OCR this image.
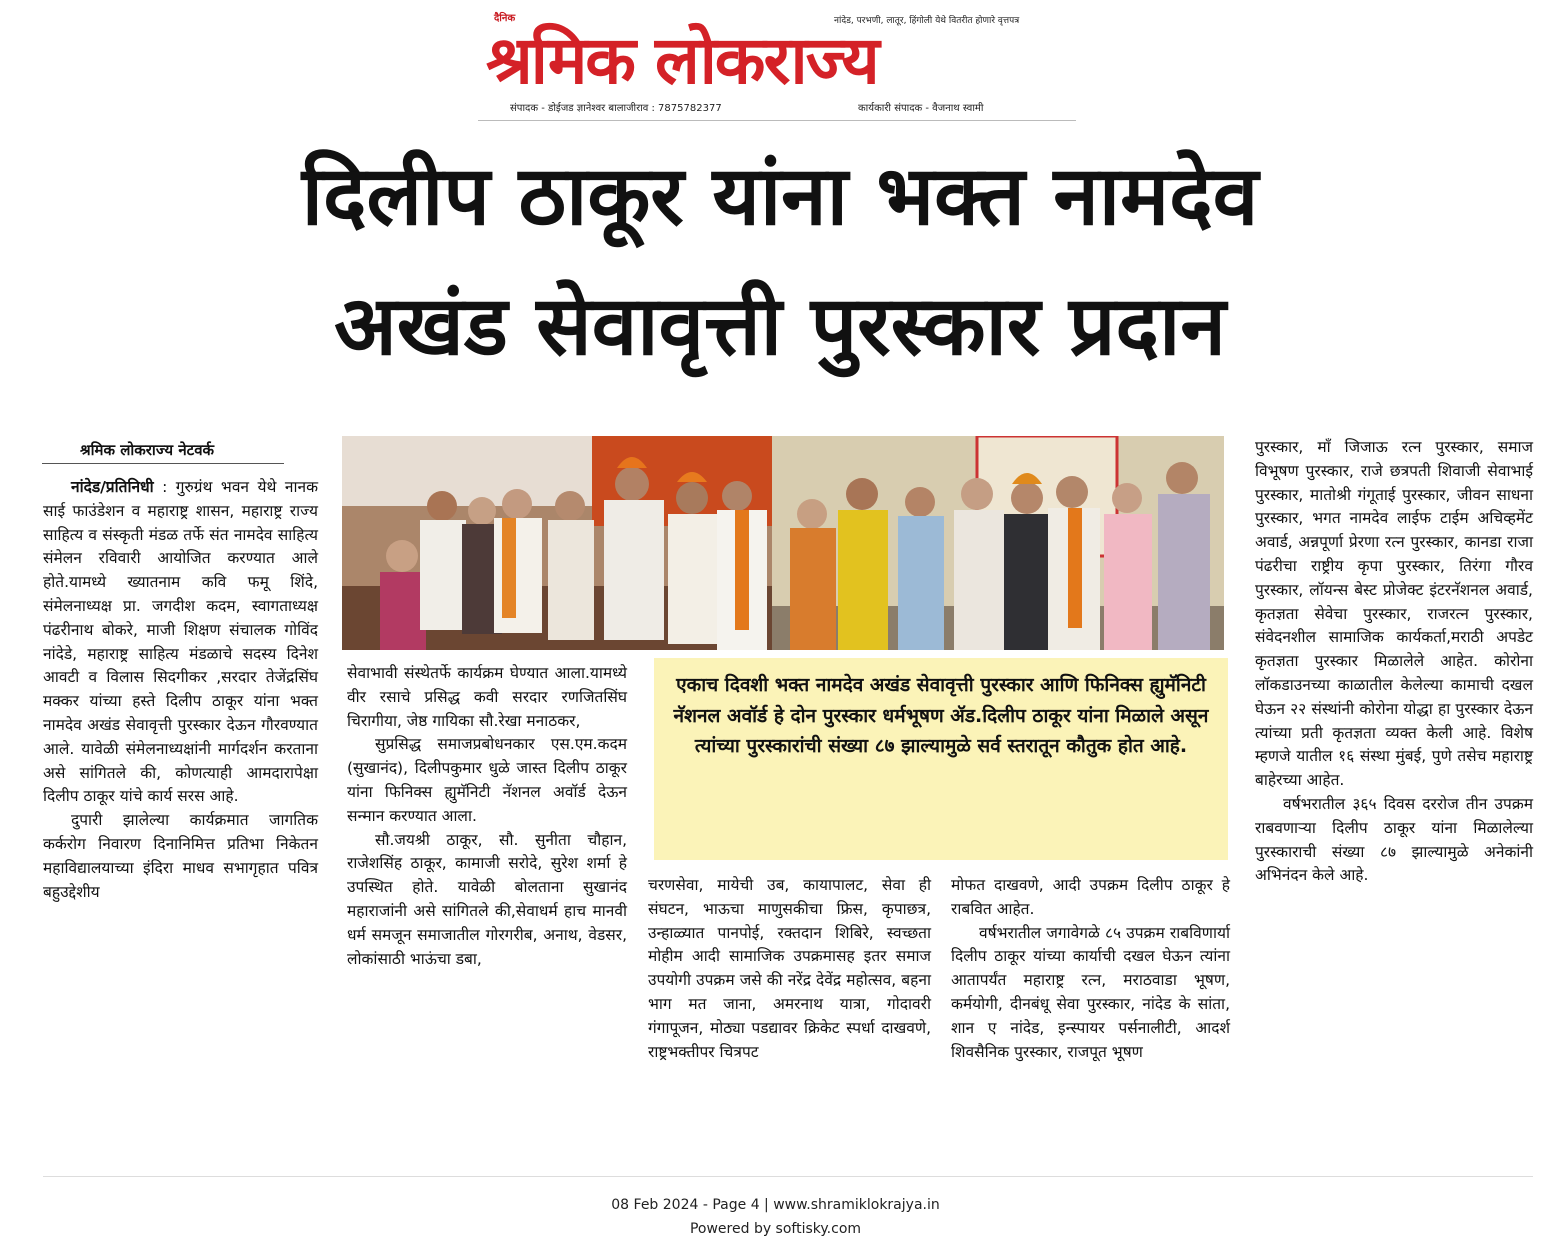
दैनिक
श्रमिक लोकराज्य
नांदेड, परभणी, लातूर, हिंगोली येथे वितरीत होणारे वृत्तपत्र
संपादक - डोईजड ज्ञानेश्वर बालाजीराव : 7875782377	कार्यकारी संपादक - वैजनाथ स्वामी
दिलीप ठाकूर यांना भक्त नामदेव
अखंड सेवावृत्ती पुरस्कार प्रदान
श्रमिक लोकराज्य नेटवर्क

नांदेड/प्रतिनिधी : गुरुग्रंथ भवन येथे नानक साई फाउंडेशन व महाराष्ट्र शासन, महाराष्ट्र राज्य साहित्य व संस्कृती मंडळ तर्फे संत नामदेव साहित्य संमेलन रविवारी आयोजित करण्यात आले होते.यामध्ये ख्यातनाम कवि फमू शिंदे, संमेलनाध्यक्ष प्रा. जगदीश कदम, स्वागताध्यक्ष पंढरीनाथ बोकरे, माजी शिक्षण संचालक गोविंद नांदेडे, महाराष्ट्र साहित्य मंडळाचे सदस्य दिनेश आवटी व विलास सिदगीकर ,सरदार तेजेंद्रसिंघ मक्कर यांच्या हस्ते दिलीप ठाकूर यांना भक्त नामदेव अखंड सेवावृत्ती पुरस्कार देऊन गौरवण्यात आले. यावेळी संमेलनाध्यक्षांनी मार्गदर्शन करताना असे सांगितले की, कोणत्याही आमदारापेक्षा दिलीप ठाकूर यांचे कार्य सरस आहे.

दुपारी झालेल्या कार्यक्रमात जागतिक कर्करोग निवारण दिनानिमित्त प्रतिभा निकेतन महाविद्यालयाच्या इंदिरा माधव सभागृहात पवित्र बहुउद्देशीय

एकाच दिवशी भक्त नामदेव अखंड सेवावृत्ती पुरस्कार आणि फिनिक्स ह्युमॅनिटी नॅशनल अवॉर्ड हे दोन पुरस्कार धर्मभूषण ॲड.दिलीप ठाकूर यांना मिळाले असून त्यांच्या पुरस्कारांची संख्या ८७ झाल्यामुळे सर्व स्तरातून कौतुक होत आहे.

सेवाभावी संस्थेतर्फे कार्यक्रम घेण्यात आला.यामध्ये वीर रसाचे प्रसिद्ध कवी सरदार रणजितसिंघ चिरागीया, जेष्ठ गायिका सौ.रेखा मनाठकर,

सुप्रसिद्ध समाजप्रबोधनकार एस.एम.कदम (सुखानंद), दिलीपकुमार धुळे जास्त दिलीप ठाकूर यांना फिनिक्स ह्युमॅनिटी नॅशनल अवॉर्ड देऊन सन्मान करण्यात आला.

सौ.जयश्री ठाकूर, सौ. सुनीता चौहान, राजेशसिंह ठाकूर, कामाजी सरोदे, सुरेश शर्मा हे उपस्थित होते. यावेळी बोलताना सुखानंद महाराजांनी असे सांगितले की,सेवाधर्म हाच मानवी धर्म समजून समाजातील गोरगरीब, अनाथ, वेडसर, लोकांसाठी भाऊंचा डबा,

चरणसेवा, मायेची उब, कायापालट, सेवा ही संघटन, भाऊचा माणुसकीचा फ्रिस, कृपाछत्र, उन्हाळ्यात पानपोई, रक्तदान शिबिरे, स्वच्छता मोहीम आदी सामाजिक उपक्रमासह इतर समाज उपयोगी उपक्रम जसे की नरेंद्र देवेंद्र महोत्सव, बहना भाग मत जाना, अमरनाथ यात्रा, गोदावरी गंगापूजन, मोठ्या पडद्यावर क्रिकेट स्पर्धा दाखवणे, राष्ट्रभक्तीपर चित्रपट

मोफत दाखवणे, आदी उपक्रम दिलीप ठाकूर हे राबवित आहेत.

वर्षभरातील जगावेगळे ८५ उपक्रम राबविणार्या दिलीप ठाकूर यांच्या कार्याची दखल घेऊन त्यांना आतापर्यंत महाराष्ट्र रत्न, मराठवाडा भूषण, कर्मयोगी, दीनबंधू सेवा पुरस्कार, नांदेड के सांता, शान ए नांदेड, इन्स्पायर पर्सनालीटी, आदर्श शिवसैनिक पुरस्कार, राजपूत भूषण

पुरस्कार, माँ जिजाऊ रत्न पुरस्कार, समाज विभूषण पुरस्कार, राजे छत्रपती शिवाजी सेवाभाई पुरस्कार, मातोश्री गंगूताई पुरस्कार, जीवन साधना पुरस्कार, भगत नामदेव लाईफ टाईम अचिव्हमेंट अवार्ड, अन्नपूर्णा प्रेरणा रत्न पुरस्कार, कानडा राजा पंढरीचा राष्ट्रीय कृपा पुरस्कार, तिरंगा गौरव पुरस्कार, लॉयन्स बेस्ट प्रोजेक्ट इंटरनॅशनल अवार्ड, कृतज्ञता सेवेचा पुरस्कार, राजरत्न पुरस्कार, संवेदनशील सामाजिक कार्यकर्ता,मराठी अपडेट कृतज्ञता पुरस्कार मिळालेले आहेत. कोरोना लॉकडाउनच्या काळातील केलेल्या कामाची दखल घेऊन २२ संस्थांनी कोरोना योद्धा हा पुरस्कार देऊन त्यांच्या प्रती कृतज्ञता व्यक्त केली आहे. विशेष म्हणजे यातील १६ संस्था मुंबई, पुणे तसेच महाराष्ट्र बाहेरच्या आहेत.

वर्षभरातील ३६५ दिवस दररोज तीन उपक्रम राबवणाऱ्या दिलीप ठाकूर यांना मिळालेल्या पुरस्काराची संख्या ८७ झाल्यामुळे अनेकांनी अभिनंदन केले आहे.

08 Feb 2024 - Page 4 | www.shramiklokrajya.in
Powered by softisky.com
